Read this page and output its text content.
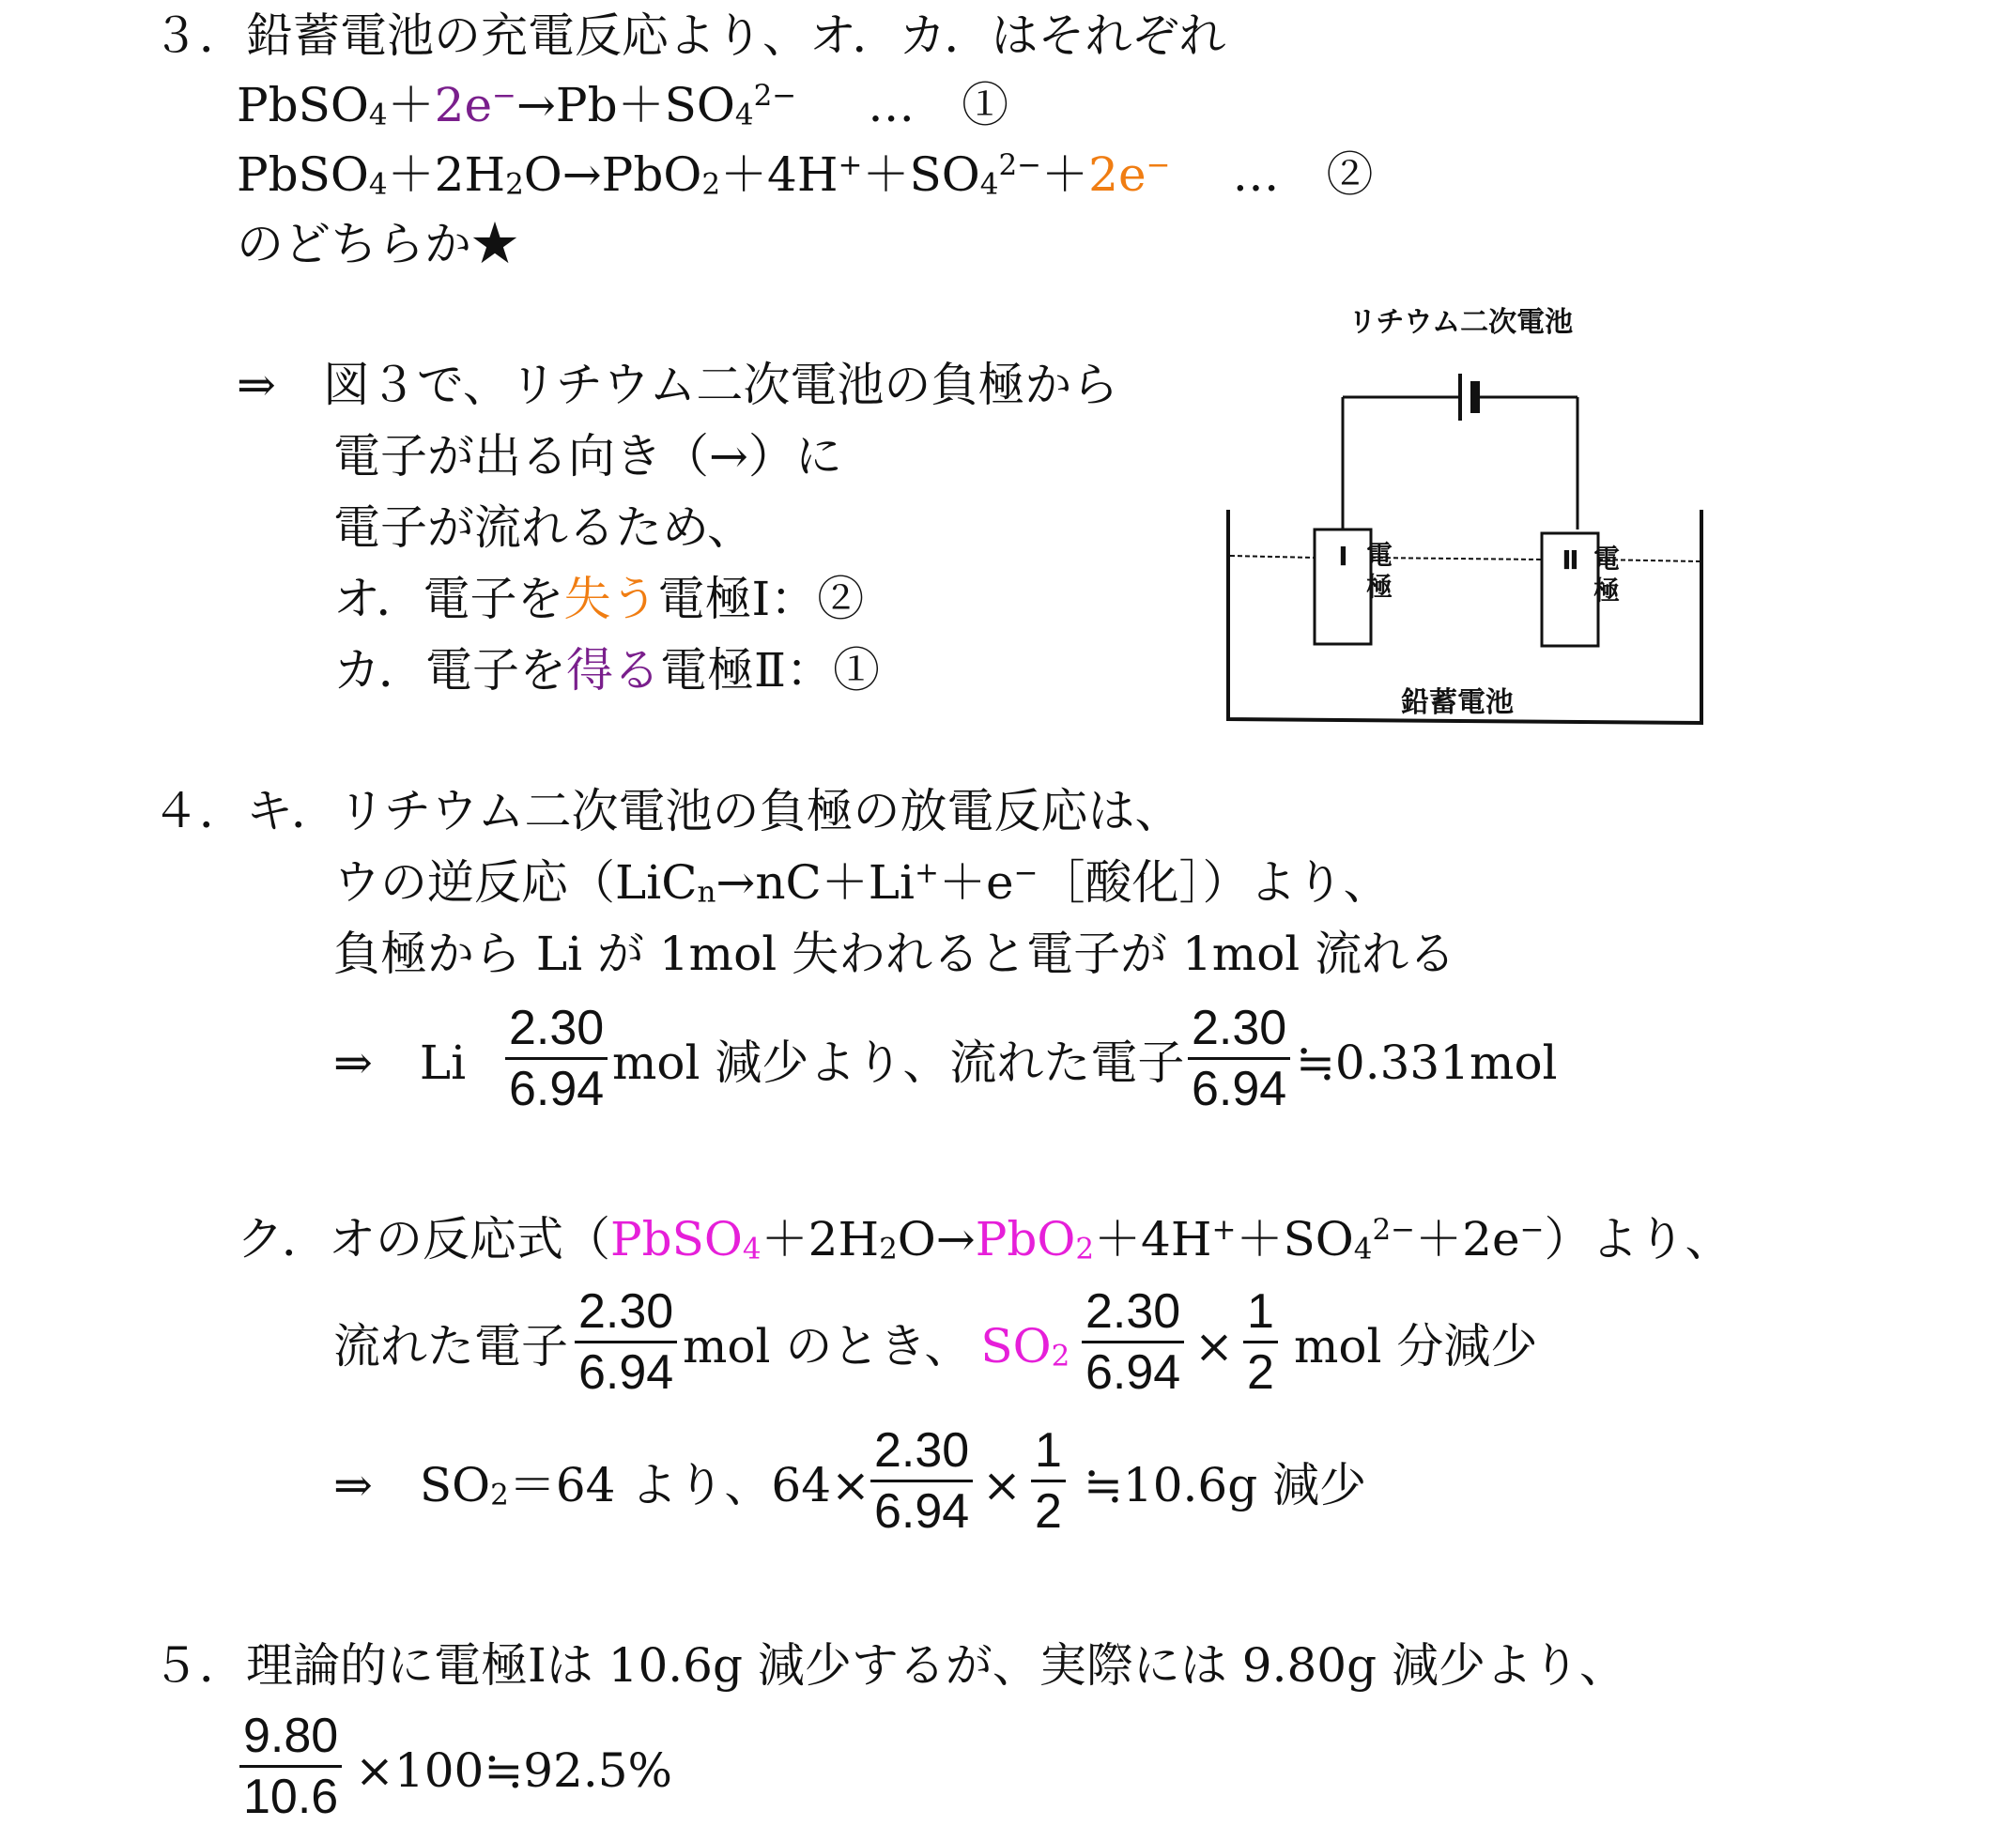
３．鉛蓄電池の充電反応より、オ．カ．はそれぞれ
$PbSO_4+2e^-\to Pb+SO_4^{2-}$ …　①
$PbSO_4+2H_2O\to PbO_2+4H^++SO_4^{2-}+2e^-$ …　②
のどちらか★
⇒　図３で、リチウム二次電池の負極から
電子が出る向き（→）に
電子が流れるため、
オ．電子を失う電極Ⅰ：②
カ．電子を得る電極Ⅱ：①
リチウム二次電池
電極Ⅰ	電極Ⅱ
鉛蓄電池
４．キ．リチウム二次電池の負極の放電反応は、
ウの逆反応（LiC$_n$→nC＋Li+＋e−［酸化］）より、
負極から Li が 1mol 失われると電子が 1mol 流れる
⇒　Li
2.30
6.94 mol 減少より、流れた電子
2.30
6.94 ≒0.331mol
ク．オの反応式$(PbSO_4+2H_2O\to PbO_2+4H^++SO_4^{2-}+2e^-)$より、
流れた電子
2.30
6.94 mol のとき、 $SO_2$
2.30
6.94 ×
1
2 mol 分減少
⇒　$SO_2=64$ より、64×
2.30
6.94 ×
1
2 ≒10.6g 減少
５．理論的に電極Ⅰは 10.6g 減少するが、実際には 9.80g 減少より、
9.80
10.6 ×100≒92.5%
